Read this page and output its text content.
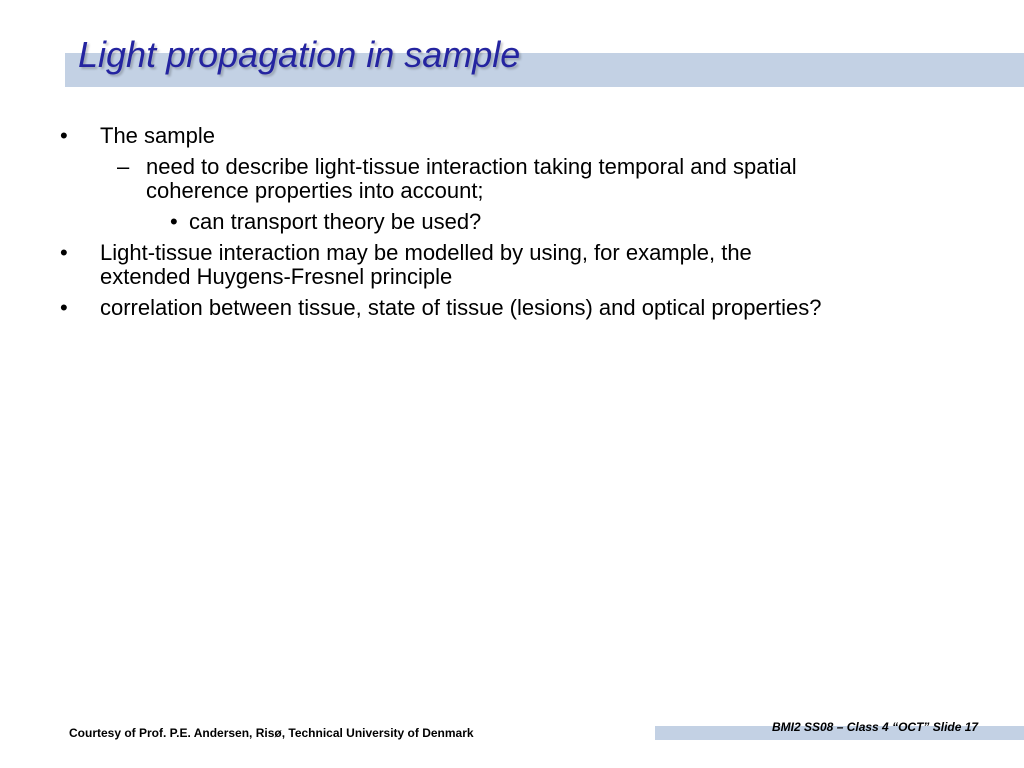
Light propagation in sample
• The sample
– need to describe light-tissue interaction taking temporal and spatial
coherence properties into account;
• can transport theory be used?
• Light-tissue interaction may be modelled by using, for example, the
extended Huygens-Fresnel principle
• correlation between tissue, state of tissue (lesions) and optical properties?
Courtesy of Prof. P.E. Andersen, Risø, Technical University of Denmark	BMI2 SS08 – Class 4 “OCT” Slide 17
